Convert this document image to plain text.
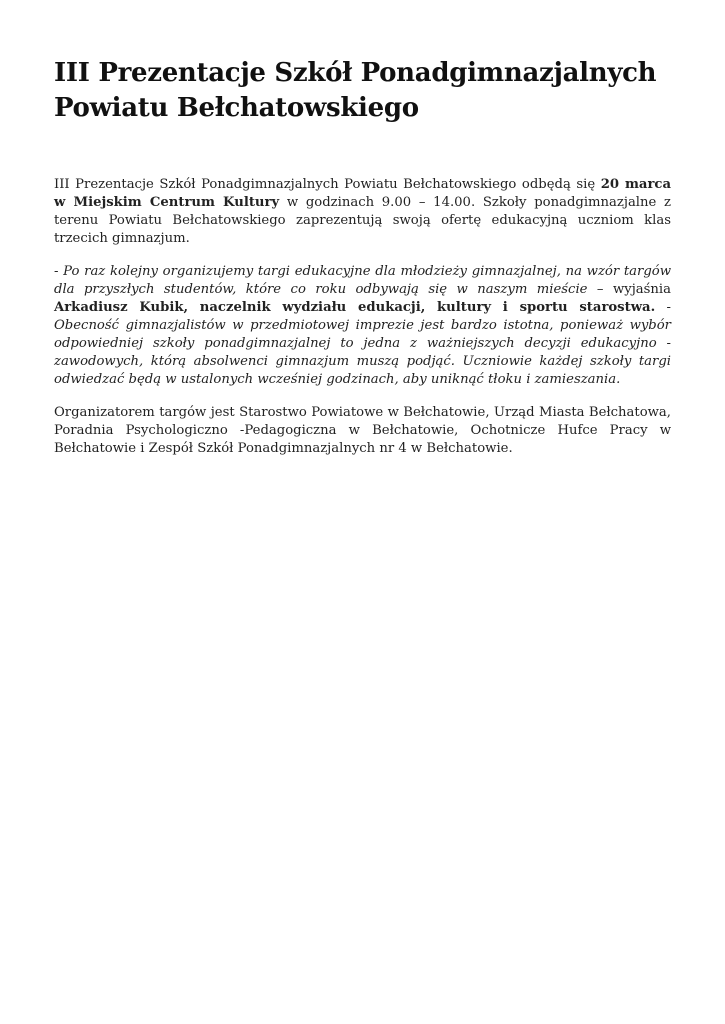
III Prezentacje Szkół Ponadgimnazjalnych Powiatu Bełchatowskiego

III Prezentacje Szkół Ponadgimnazjalnych Powiatu Bełchatowskiego odbędą się 20 marca w Miejskim Centrum Kultury w godzinach 9.00 – 14.00. Szkoły ponadgimnazjalne z terenu Powiatu Bełchatowskiego zaprezentują swoją ofertę edukacyjną uczniom klas trzecich gimnazjum.

- Po raz kolejny organizujemy targi edukacyjne dla młodzieży gimnazjalnej, na wzór targów dla przyszłych studentów, które co roku odbywają się w naszym mieście – wyjaśnia Arkadiusz Kubik, naczelnik wydziału edukacji, kultury i sportu starostwa. - Obecność gimnazjalistów w przedmiotowej imprezie jest bardzo istotna, ponieważ wybór odpowiedniej szkoły ponadgimnazjalnej to jedna z ważniejszych decyzji edukacyjno -zawodowych, którą absolwenci gimnazjum muszą podjąć. Uczniowie każdej szkoły targi odwiedzać będą w ustalonych wcześniej godzinach, aby uniknąć tłoku i zamieszania.

Organizatorem targów jest Starostwo Powiatowe w Bełchatowie, Urząd Miasta Bełchatowa, Poradnia Psychologiczno -Pedagogiczna w Bełchatowie, Ochotnicze Hufce Pracy w Bełchatowie i Zespół Szkół Ponadgimnazjalnych nr 4 w Bełchatowie.
